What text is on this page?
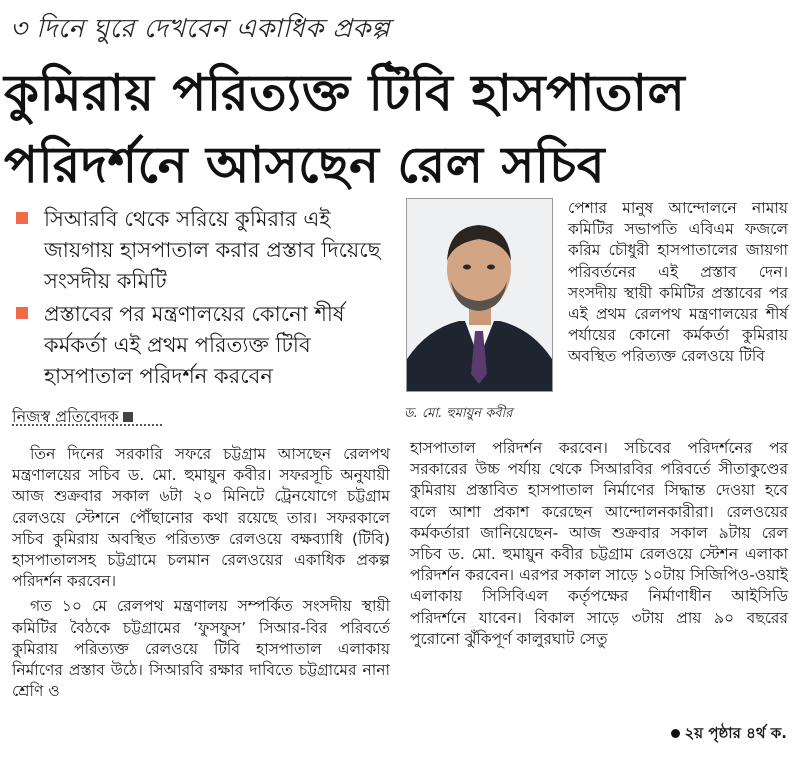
৩ দিনে ঘুরে দেখবেন একাধিক প্রকল্প
কুমিরায় পরিত্যক্ত টিবি হাসপাতাল
পরিদর্শনে আসছেন রেল সচিব
সিআরবি থেকে সরিয়ে কুমিরার এই জায়গায় হাসপাতাল করার প্রস্তাব দিয়েছে সংসদীয় কমিটি
প্রস্তাবের পর মন্ত্রণালয়ের কোনো শীর্ষ কর্মকর্তা এই প্রথম পরিত্যক্ত টিবি হাসপাতাল পরিদর্শন করবেন
নিজস্ব প্রতিবেদক	ড. মো. হুমায়ুন কবীর

পেশার মানুষ আন্দোলনে নামায় কমিটির সভাপতি এবিএম ফজলে করিম চৌধুরী হাসপাতালের জায়গা পরিবর্তনের এই প্রস্তাব দেন। সংসদীয় স্থায়ী কমিটির প্রস্তাবের পর এই প্রথম রেলপথ মন্ত্রণালয়ের শীর্ষ পর্যায়ের কোনো কর্মকর্তা কুমিরায় অবস্থিত পরিত্যক্ত রেলওয়ে টিবি

তিন দিনের সরকারি সফরে চট্টগ্রাম আসছেন রেলপথ মন্ত্রণালয়ের সচিব ড. মো. হুমায়ুন কবীর। সফরসূচি অনুযায়ী আজ শুক্রবার সকাল ৬টা ২০ মিনিটে ট্রেনযোগে চট্টগ্রাম রেলওয়ে স্টেশনে পৌঁছানোর কথা রয়েছে তার। সফরকালে সচিব কুমিরায় অবস্থিত পরিত্যক্ত রেলওয়ে বক্ষব্যাধি (টিবি) হাসপাতালসহ চট্টগ্রামে চলমান রেলওয়ের একাধিক প্রকল্প পরিদর্শন করবেন।

গত ১০ মে রেলপথ মন্ত্রণালয় সম্পর্কিত সংসদীয় স্থায়ী কমিটির বৈঠকে চট্টগ্রামের ‘ফুসফুস’ সিআর-বির পরিবর্তে কুমিরায় পরিত্যক্ত রেলওয়ে টিবি হাসপাতাল এলাকায় নির্মাণের প্রস্তাব উঠে। সিআরবি রক্ষার দাবিতে চট্টগ্রামের নানা শ্রেণি ও

হাসপাতাল পরিদর্শন করবেন। সচিবের পরিদর্শনের পর সরকারের উচ্চ পর্যায় থেকে সিআরবির পরিবর্তে সীতাকুণ্ডের কুমিরায় প্রস্তাবিত হাসপাতাল নির্মাণের সিদ্ধান্ত দেওয়া হবে বলে আশা প্রকাশ করেছেন আন্দোলনকারীরা। রেলওয়ের কর্মকর্তারা জানিয়েছেন- আজ শুক্রবার সকাল ৯টায় রেল সচিব ড. মো. হুমায়ুন কবীর চট্টগ্রাম রেলওয়ে স্টেশন এলাকা পরিদর্শন করবেন। এরপর সকাল সাড়ে ১০টায় সিজিপিও-ওয়াই এলাকায় সিসিবিএল কর্তৃপক্ষের নির্মাণাধীন আইসিডি পরিদর্শনে যাবেন। বিকাল সাড়ে ৩টায় প্রায় ৯০ বছরের পুরোনো ঝুঁকিপূর্ণ কালুরঘাট সেতু

২য় পৃষ্ঠার ৪র্থ ক.
